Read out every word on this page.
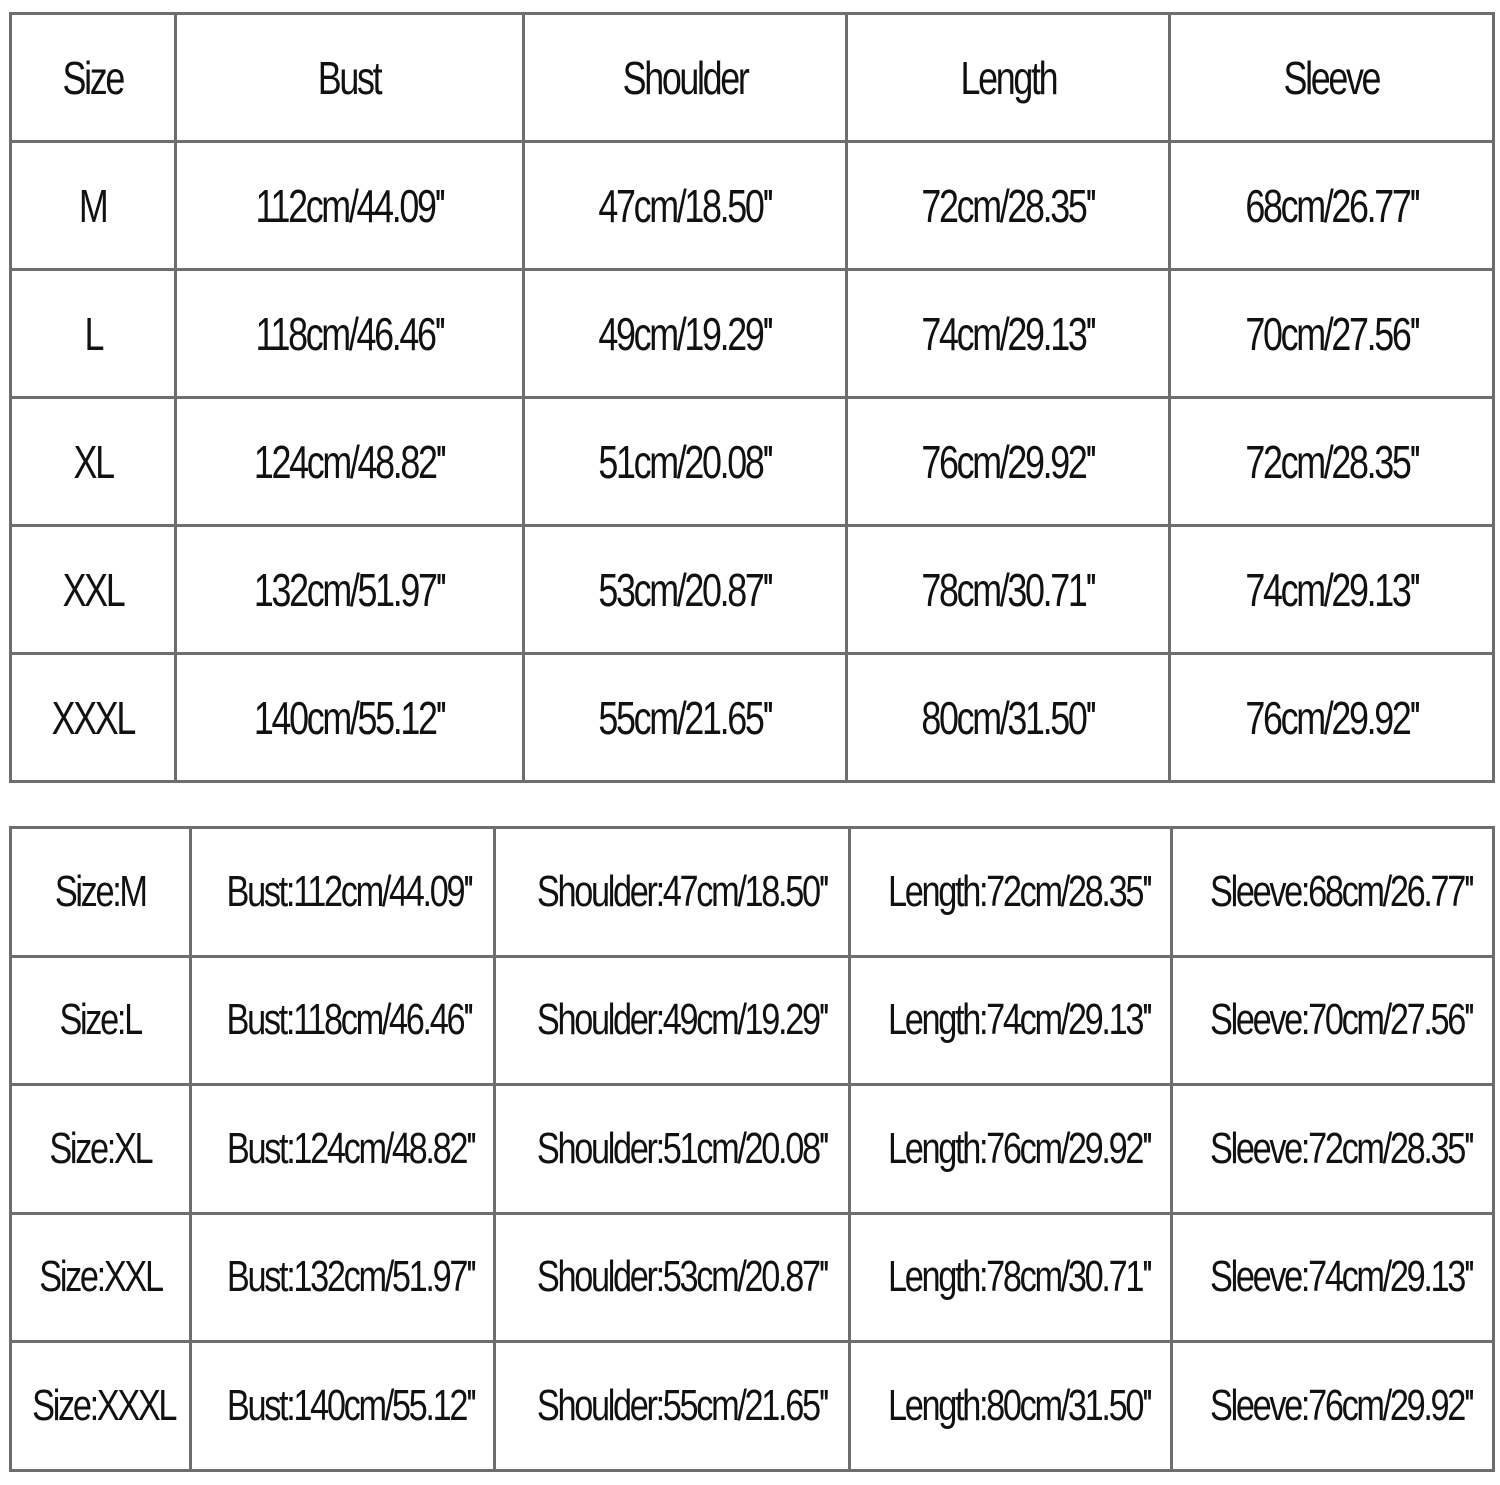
Size	Bust	Shoulder	Length	Sleeve
M	112cm/44.09''	47cm/18.50''	72cm/28.35''	68cm/26.77''
L	118cm/46.46''	49cm/19.29''	74cm/29.13''	70cm/27.56''
XL	124cm/48.82''	51cm/20.08''	76cm/29.92''	72cm/28.35''
XXL	132cm/51.97''	53cm/20.87''	78cm/30.71''	74cm/29.13''
XXXL	140cm/55.12''	55cm/21.65''	80cm/31.50''	76cm/29.92''
Size:M	Bust:112cm/44.09''	Shoulder:47cm/18.50''	Length:72cm/28.35''	Sleeve:68cm/26.77''
Size:L	Bust:118cm/46.46''	Shoulder:49cm/19.29''	Length:74cm/29.13''	Sleeve:70cm/27.56''
Size:XL	Bust:124cm/48.82''	Shoulder:51cm/20.08''	Length:76cm/29.92''	Sleeve:72cm/28.35''
Size:XXL	Bust:132cm/51.97''	Shoulder:53cm/20.87''	Length:78cm/30.71''	Sleeve:74cm/29.13''
Size:XXXL	Bust:140cm/55.12''	Shoulder:55cm/21.65''	Length:80cm/31.50''	Sleeve:76cm/29.92''
